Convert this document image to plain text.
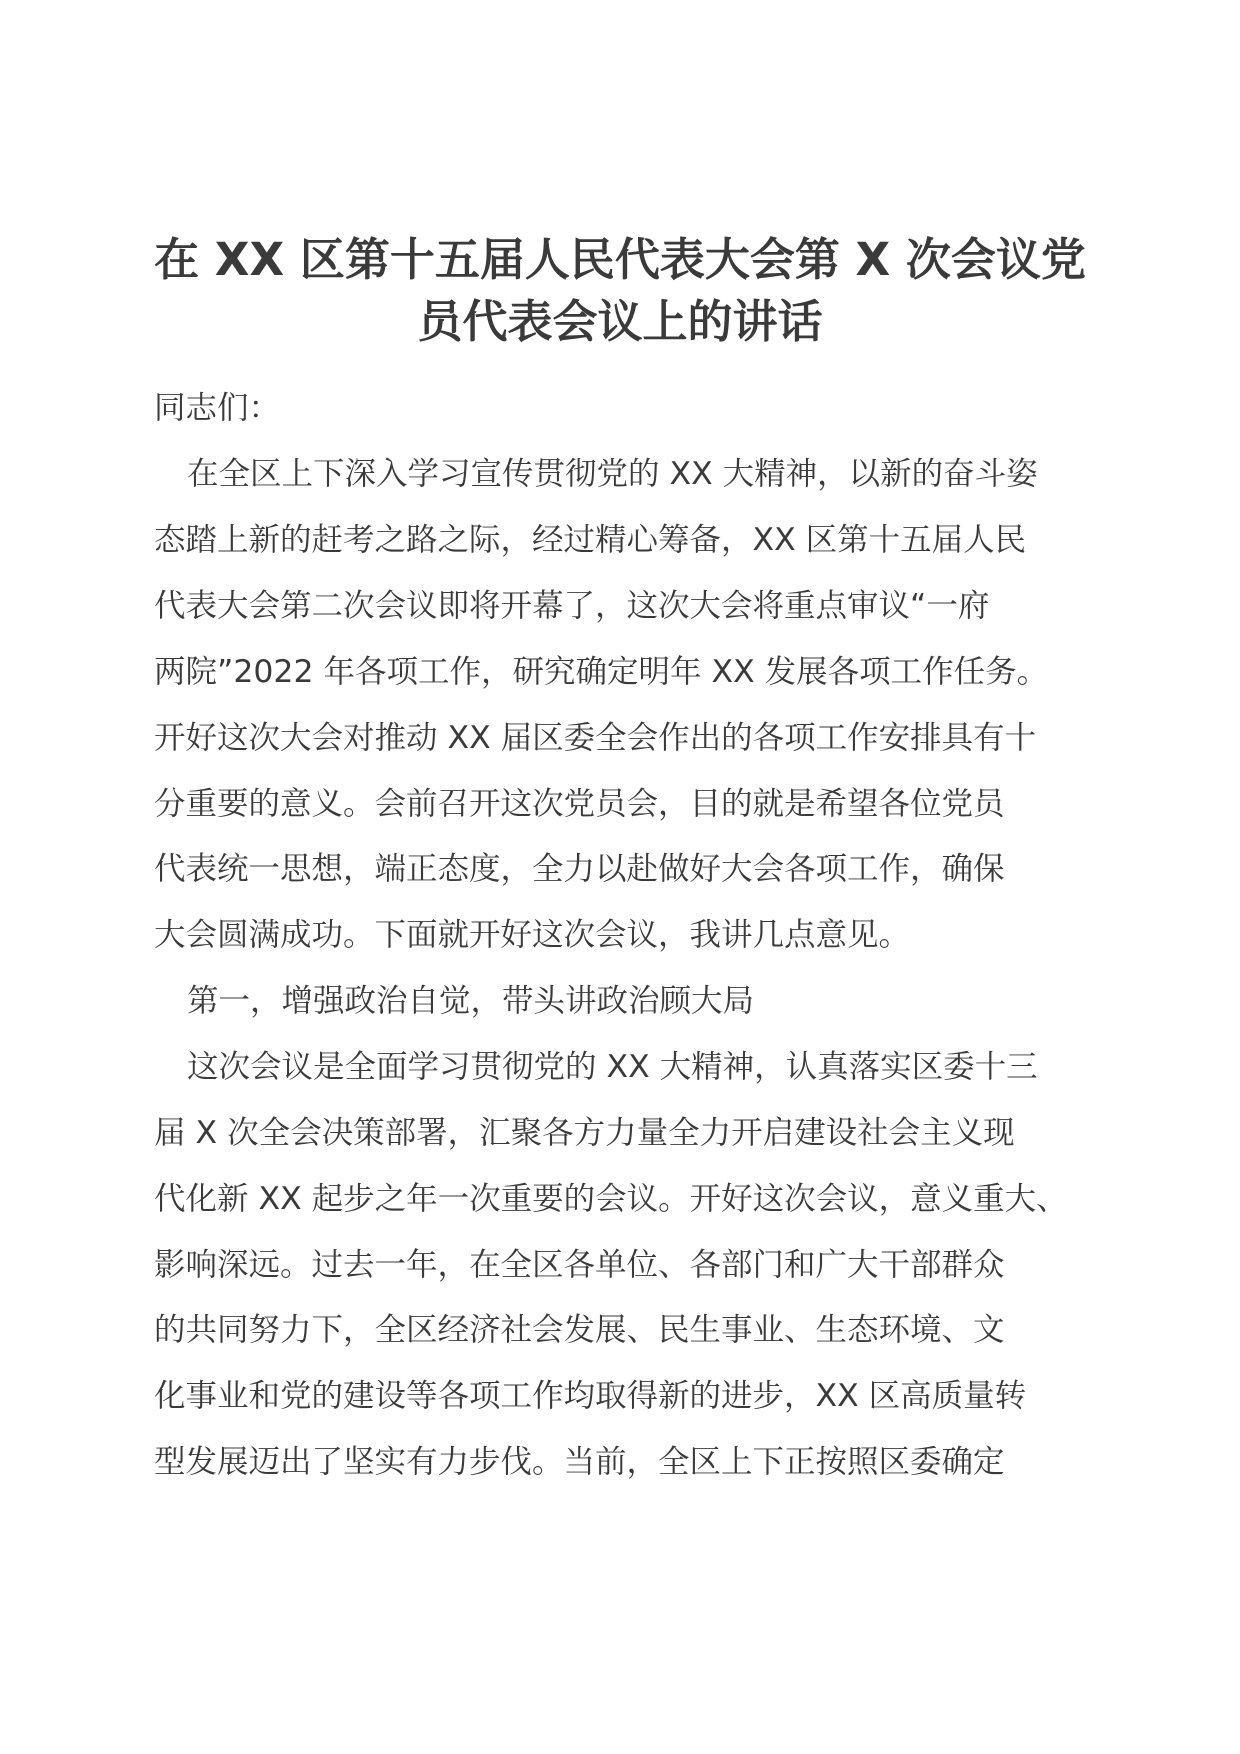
在 XX 区第十五届人民代表大会第 X 次会议党
员代表会议上的讲话

同志们：

在全区上下深入学习宣传贯彻党的 XX 大精神，以新的奋斗姿

态踏上新的赶考之路之际，经过精心筹备，XX 区第十五届人民

代表大会第二次会议即将开幕了，这次大会将重点审议“一府

两院”2022 年各项工作，研究确定明年 XX 发展各项工作任务。

开好这次大会对推动 XX 届区委全会作出的各项工作安排具有十

分重要的意义。会前召开这次党员会，目的就是希望各位党员

代表统一思想，端正态度，全力以赴做好大会各项工作，确保

大会圆满成功。下面就开好这次会议，我讲几点意见。

第一，增强政治自觉，带头讲政治顾大局

这次会议是全面学习贯彻党的 XX 大精神，认真落实区委十三

届 X 次全会决策部署，汇聚各方力量全力开启建设社会主义现

代化新 XX 起步之年一次重要的会议。开好这次会议，意义重大、

影响深远。过去一年，在全区各单位、各部门和广大干部群众

的共同努力下，全区经济社会发展、民生事业、生态环境、文

化事业和党的建设等各项工作均取得新的进步，XX 区高质量转

型发展迈出了坚实有力步伐。当前，全区上下正按照区委确定
